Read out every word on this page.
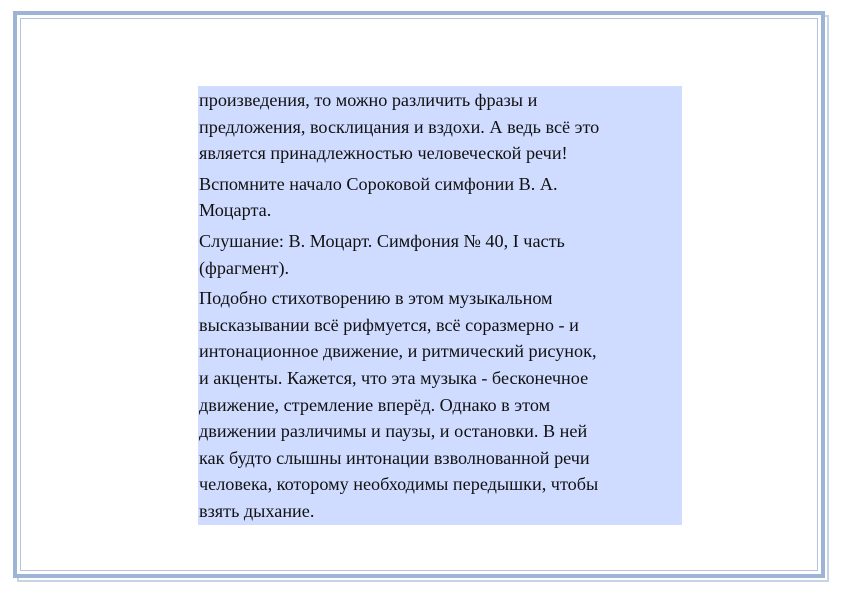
произведения, то можно различить фразы и
предложения, восклицания и вздохи. А ведь всё это
является принадлежностью человеческой речи!

Вспомните начало Сороковой симфонии В. А.
Моцарта.

Слушание: В. Моцарт. Симфония № 40, I часть
(фрагмент).

Подобно стихотворению в этом музыкальном
высказывании всё рифмуется, всё соразмерно - и
интонационное движение, и ритмический рисунок,
и акценты. Кажется, что эта музыка - бесконечное
движение, стремление вперёд. Однако в этом
движении различимы и паузы, и остановки. В ней
как будто слышны интонации взволнованной речи
человека, которому необходимы передышки, чтобы
взять дыхание.
